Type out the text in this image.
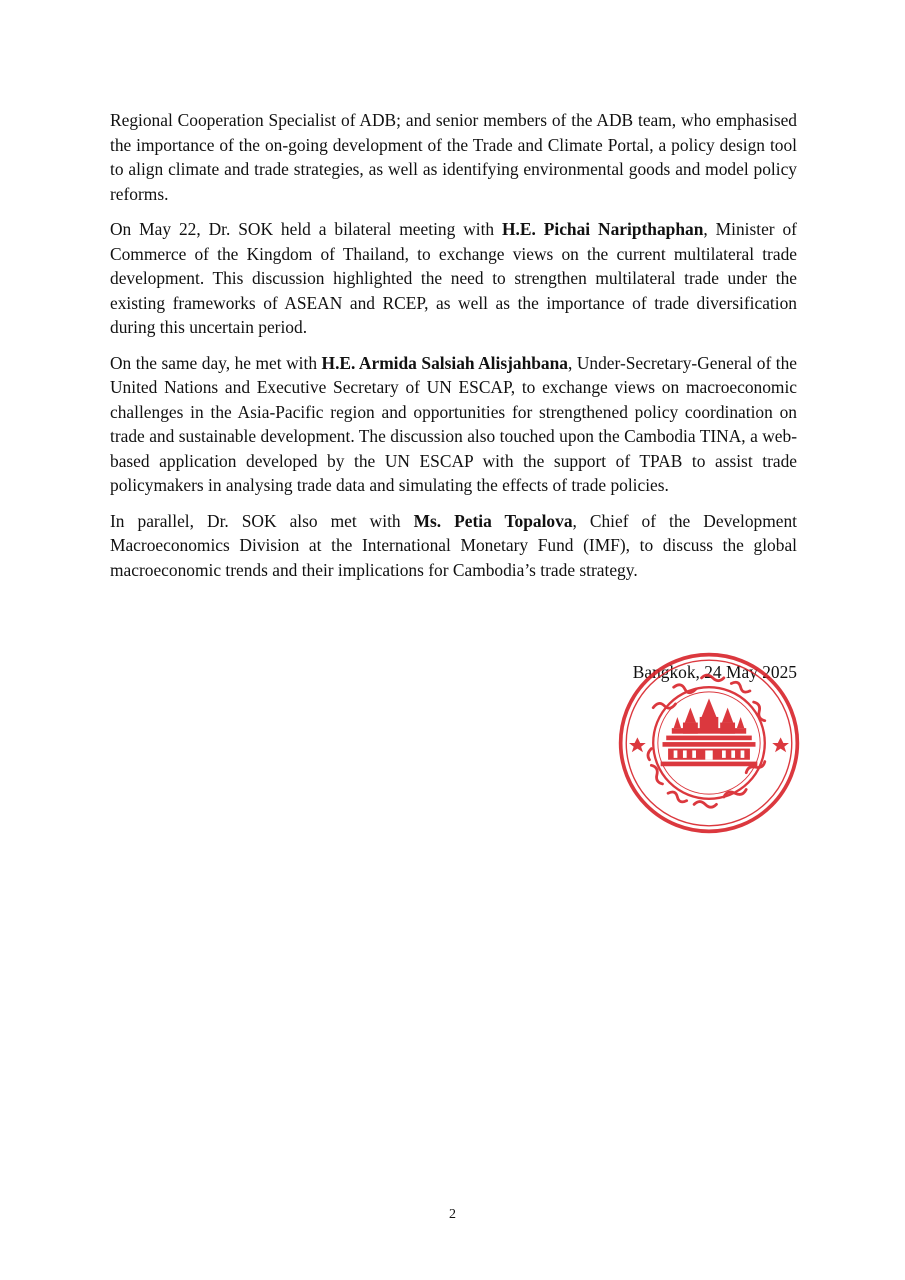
Regional Cooperation Specialist of ADB; and senior members of the ADB team, who emphasised the importance of the on-going development of the Trade and Climate Portal, a policy design tool to align climate and trade strategies, as well as identifying environmental goods and model policy reforms.

On May 22, Dr. SOK held a bilateral meeting with H.E. Pichai Naripthaphan, Minister of Commerce of the Kingdom of Thailand, to exchange views on the current multilateral trade development. This discussion highlighted the need to strengthen multilateral trade under the existing frameworks of ASEAN and RCEP, as well as the importance of trade diversification during this uncertain period.

On the same day, he met with H.E. Armida Salsiah Alisjahbana, Under-Secretary-General of the United Nations and Executive Secretary of UN ESCAP, to exchange views on macroeconomic challenges in the Asia-Pacific region and opportunities for strengthened policy coordination on trade and sustainable development. The discussion also touched upon the Cambodia TINA, a web-based application developed by the UN ESCAP with the support of TPAB to assist trade policymakers in analysing trade data and simulating the effects of trade policies.

In parallel, Dr. SOK also met with Ms. Petia Topalova, Chief of the Development Macroeconomics Division at the International Monetary Fund (IMF), to discuss the global macroeconomic trends and their implications for Cambodia’s trade strategy.

Bangkok, 24 May 2025
2
